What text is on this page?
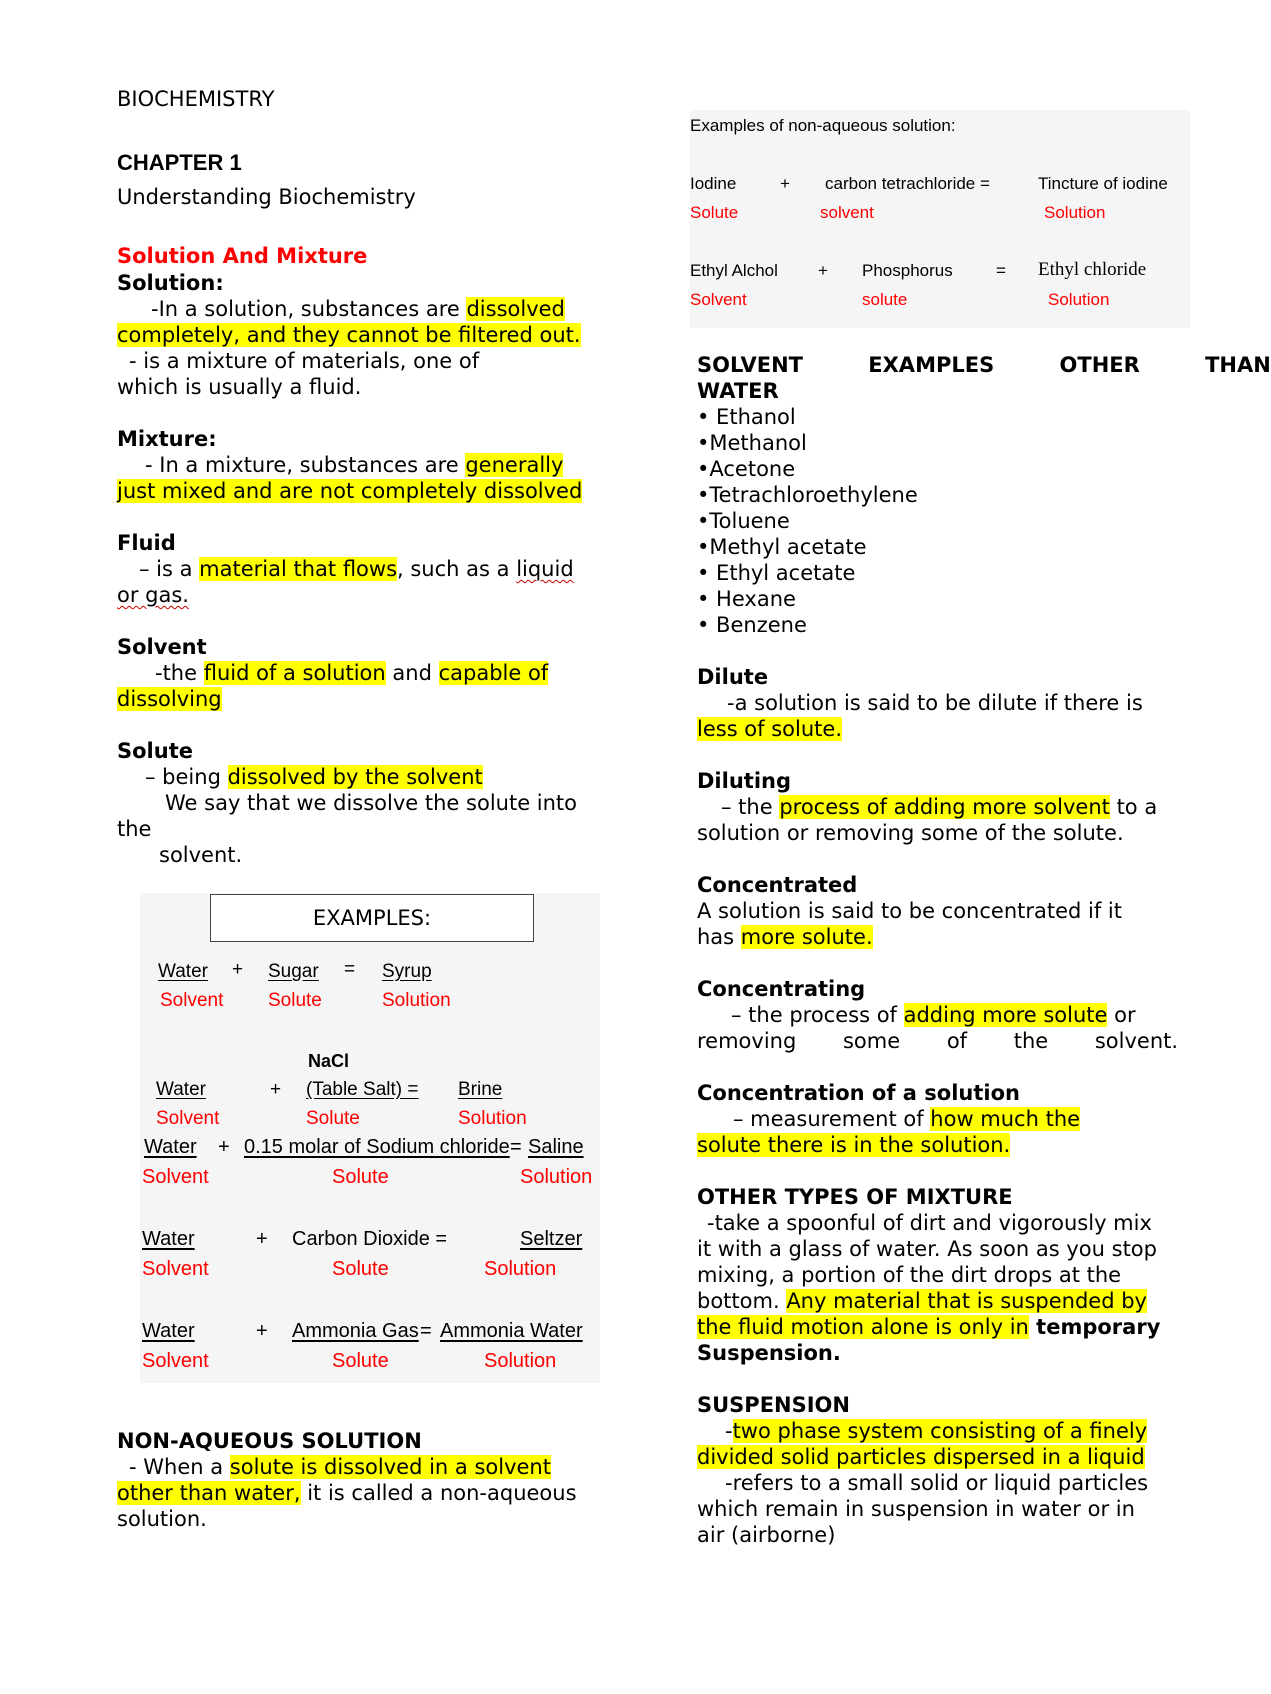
BIOCHEMISTRY
CHAPTER 1
Understanding Biochemistry
Solution And Mixture
Solution:
-In a solution, substances are dissolved
completely, and they cannot be filtered out.
- is a mixture of materials, one of
which is usually a fluid.
Mixture:
- In a mixture, substances are generally
just mixed and are not completely dissolved
Fluid
– is a material that flows, such as a liquid
or gas.
Solvent
-the fluid of a solution and capable of
dissolving
Solute
– being dissolved by the solvent
We say that we dissolve the solute into
the
solvent.
NON-AQUEOUS SOLUTION
- When a solute is dissolved in a solvent
other than water, it is called a non-aqueous
solution.
EXAMPLES:
Water + Sugar = Syrup
Solvent Solute	Solution
NaCl
Water	+ (Table Salt) = Brine
Solvent	Solute	Solution
Water + 0.15 molar of Sodium chloride = Saline
Solvent	Solute	Solution
Water	+ Carbon Dioxide =	Seltzer
Solvent	Solute	Solution
Water	+ Ammonia Gas = Ammonia Water
Solvent	Solute	Solution
Examples of non-aqueous solution:
Iodine	+ carbon tetrachloride =	Tincture of iodine
Solute	solvent	Solution
Ethyl Alchol + Phosphorus	= Ethyl chloride
Solvent	solute	Solution
SOLVENT EXAMPLES OTHER THAN
WATER
• Ethanol
•Methanol
•Acetone
•Tetrachloroethylene
•Toluene
•Methyl acetate
• Ethyl acetate
• Hexane
• Benzene
Dilute
-a solution is said to be dilute if there is
less of solute.
Diluting
– the process of adding more solvent to a
solution or removing some of the solute.
Concentrated
A solution is said to be concentrated if it
has more solute.
Concentrating
– the process of adding more solute or
removing some of the solvent.
Concentration of a solution
– measurement of how much the
solute there is in the solution.
OTHER TYPES OF MIXTURE
-take a spoonful of dirt and vigorously mix
it with a glass of water. As soon as you stop
mixing, a portion of the dirt drops at the
bottom. Any material that is suspended by
the fluid motion alone is only in temporary
Suspension.
SUSPENSION
-two phase system consisting of a finely
divided solid particles dispersed in a liquid
-refers to a small solid or liquid particles
which remain in suspension in water or in
air (airborne)
